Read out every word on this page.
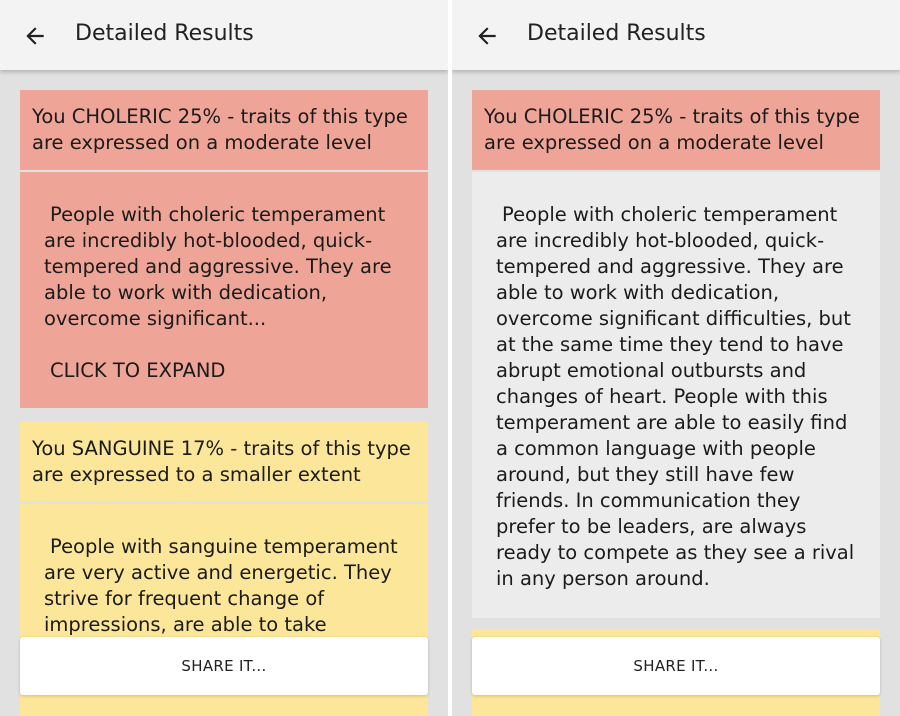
Detailed Results
You CHOLERIC 25% - traits of this type are expressed on a moderate level
People with choleric temperament are incredibly hot-blooded, quick-tempered and aggressive. They are able to work with dedication, overcome significant...
CLICK TO EXPAND
You SANGUINE 17% - traits of this type are expressed to a smaller extent
People with sanguine temperament are very active and energetic. They strive for frequent change of impressions, are able to take
SHARE IT...
Detailed Results
You CHOLERIC 25% - traits of this type are expressed on a moderate level
People with choleric temperament are incredibly hot-blooded, quick-tempered and aggressive. They are able to work with dedication, overcome significant difficulties, but at the same time they tend to have abrupt emotional outbursts and changes of heart. People with this temperament are able to easily find a common language with people around, but they still have few friends. In communication they prefer to be leaders, are always ready to compete as they see a rival in any person around.
SHARE IT...
